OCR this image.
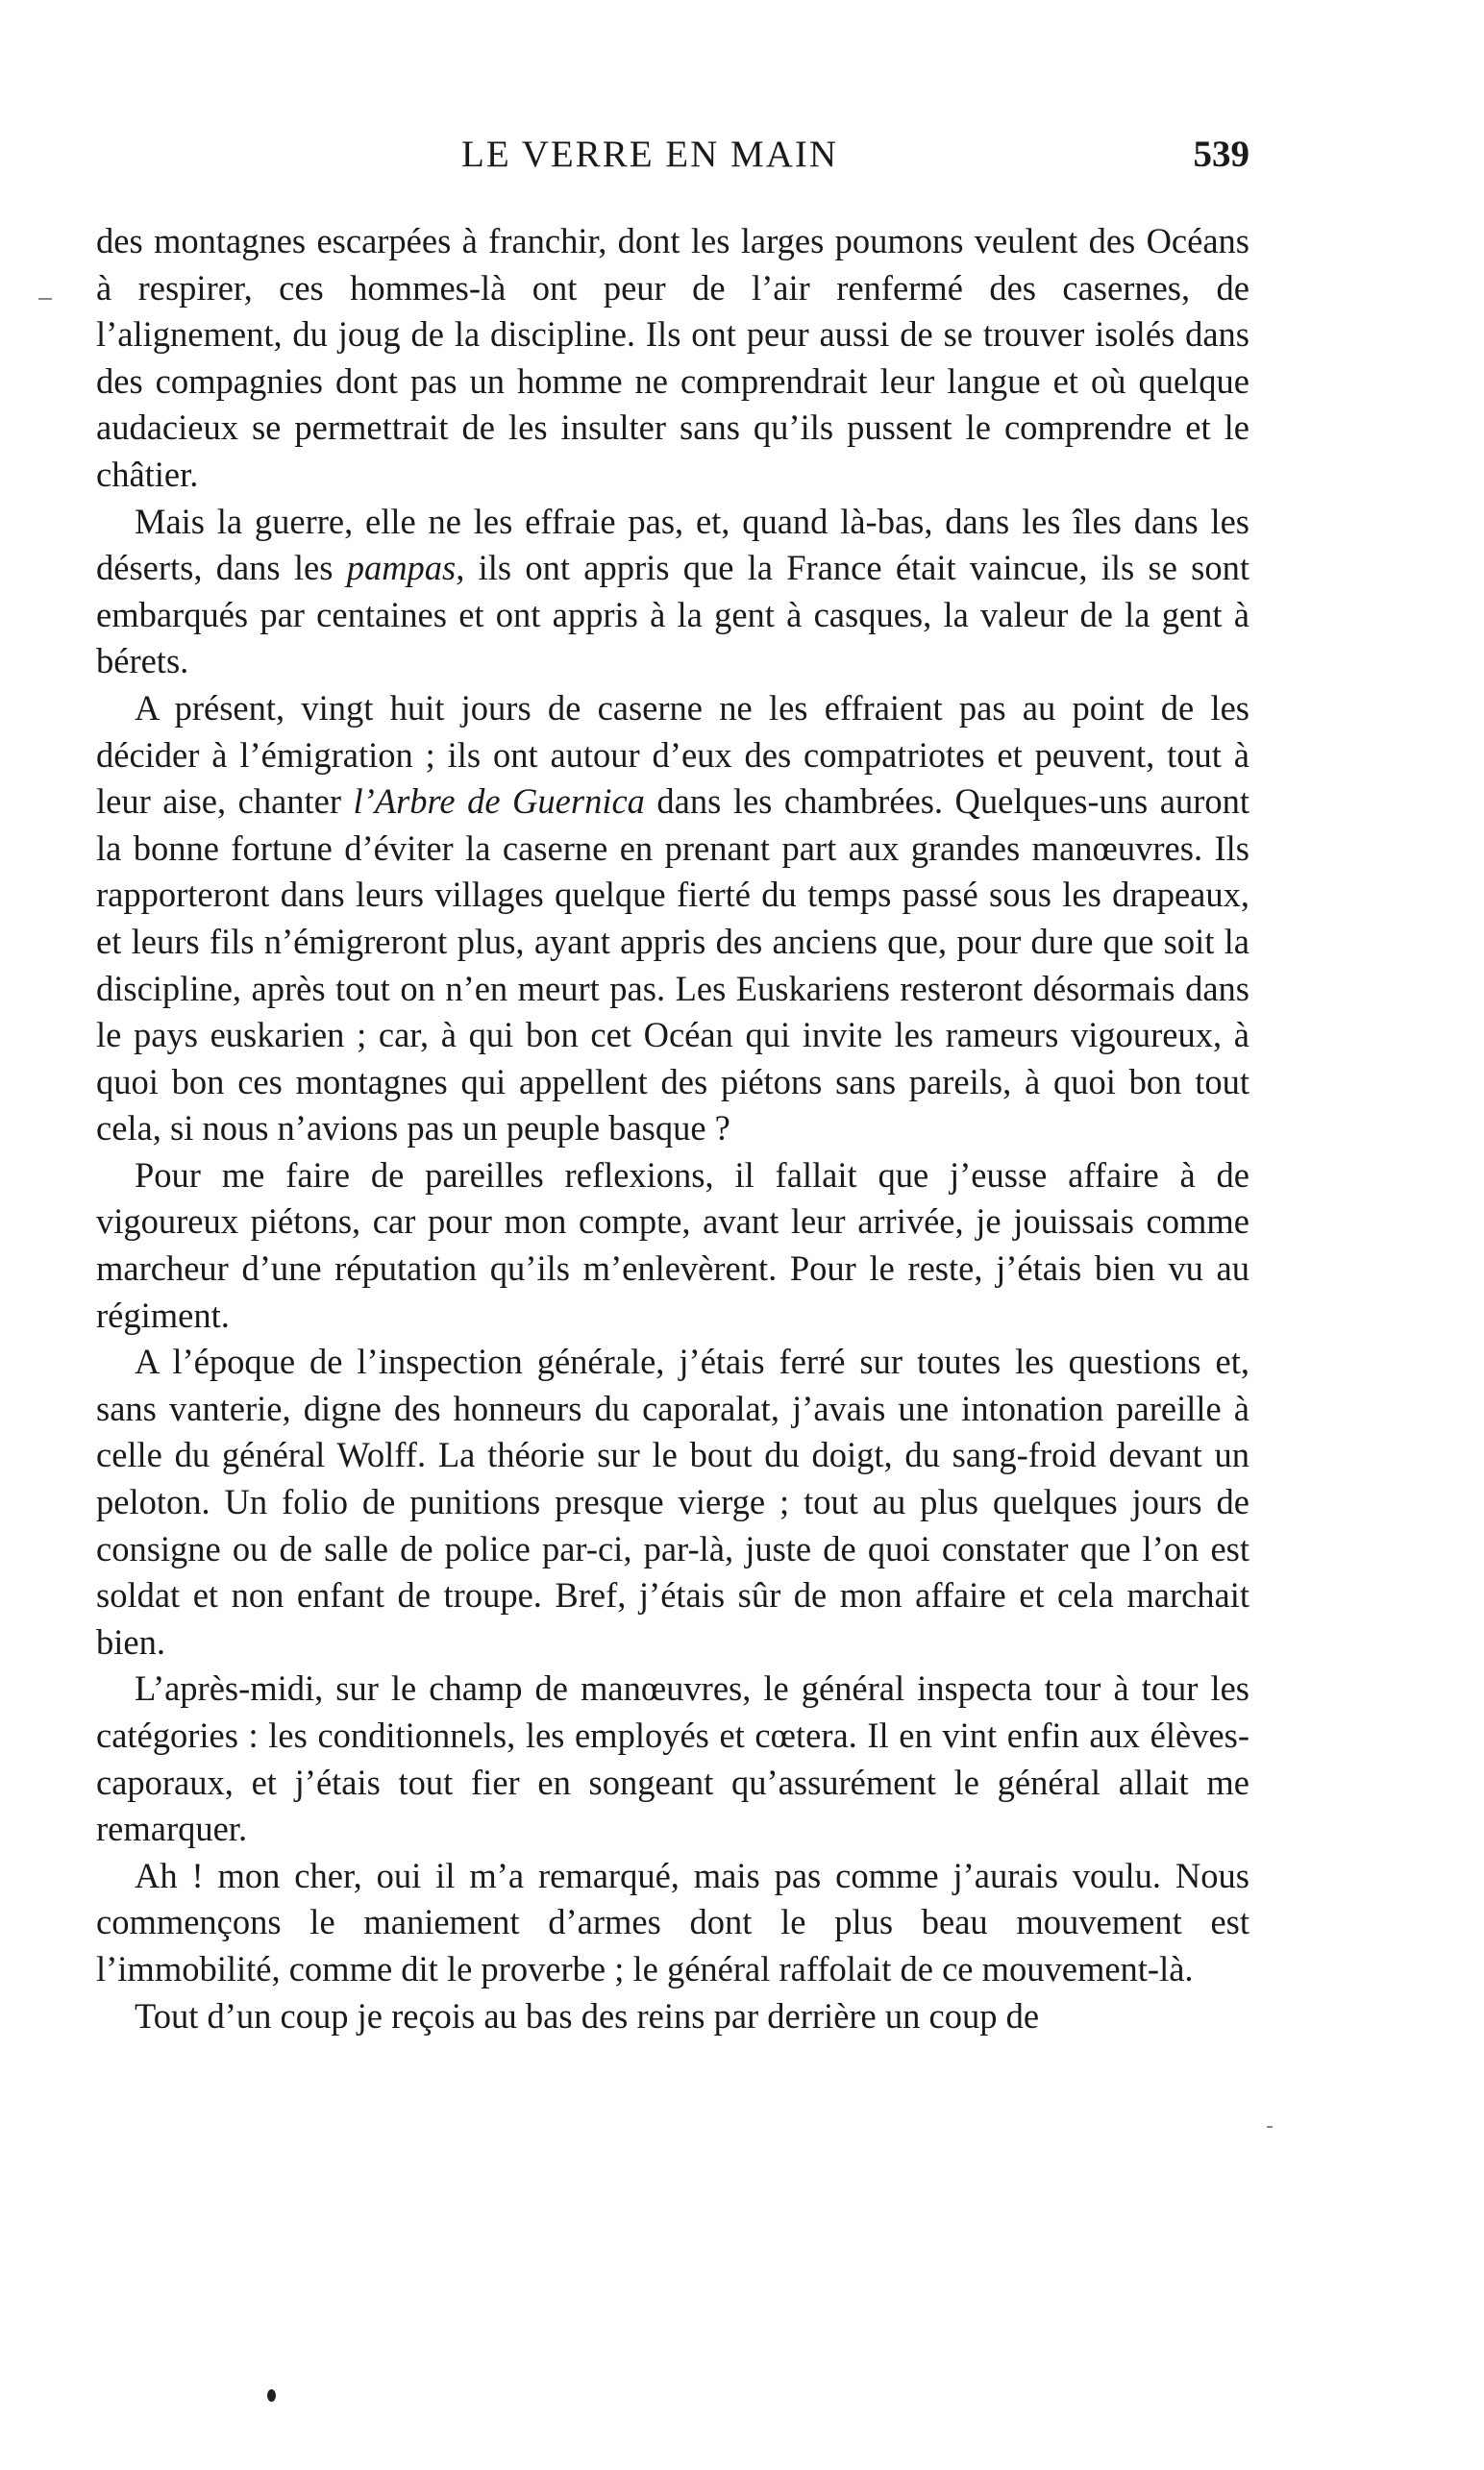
LE VERRE EN MAIN	539

des montagnes escarpées à franchir, dont les larges poumons veulent des Océans à respirer, ces hommes-là ont peur de l’air renfermé des casernes, de l’alignement, du joug de la discipline. Ils ont peur aussi de se trouver isolés dans des compagnies dont pas un homme ne comprendrait leur langue et où quelque audacieux se permettrait de les insulter sans qu’ils pussent le comprendre et le châtier.

Mais la guerre, elle ne les effraie pas, et, quand là-bas, dans les îles dans les déserts, dans les pampas, ils ont appris que la France était vaincue, ils se sont embarqués par centaines et ont appris à la gent à casques, la valeur de la gent à bérets.

A présent, vingt huit jours de caserne ne les effraient pas au point de les décider à l’émigration ; ils ont autour d’eux des compatriotes et peuvent, tout à leur aise, chanter l’Arbre de Guernica dans les chambrées. Quelques-uns auront la bonne fortune d’éviter la caserne en prenant part aux grandes manœuvres. Ils rapporteront dans leurs villages quelque fierté du temps passé sous les drapeaux, et leurs fils n’émigreront plus, ayant appris des anciens que, pour dure que soit la discipline, après tout on n’en meurt pas. Les Euskariens resteront désormais dans le pays euskarien ; car, à qui bon cet Océan qui invite les rameurs vigoureux, à quoi bon ces montagnes qui appellent des piétons sans pareils, à quoi bon tout cela, si nous n’avions pas un peuple basque ?

Pour me faire de pareilles reflexions, il fallait que j’eusse affaire à de vigoureux piétons, car pour mon compte, avant leur arrivée, je jouissais comme marcheur d’une réputation qu’ils m’enlevèrent. Pour le reste, j’étais bien vu au régiment.

A l’époque de l’inspection générale, j’étais ferré sur toutes les questions et, sans vanterie, digne des honneurs du caporalat, j’avais une intonation pareille à celle du général Wolff. La théorie sur le bout du doigt, du sang-froid devant un peloton. Un folio de punitions presque vierge ; tout au plus quelques jours de consigne ou de salle de police par-ci, par-là, juste de quoi constater que l’on est soldat et non enfant de troupe. Bref, j’étais sûr de mon affaire et cela marchait bien.

L’après-midi, sur le champ de manœuvres, le général inspecta tour à tour les catégories : les conditionnels, les employés et cœtera. Il en vint enfin aux élèves-caporaux, et j’étais tout fier en songeant qu’assurément le général allait me remarquer.

Ah ! mon cher, oui il m’a remarqué, mais pas comme j’aurais voulu. Nous commençons le maniement d’armes dont le plus beau mouvement est l’immobilité, comme dit le proverbe ; le général raffolait de ce mouvement-là.

Tout d’un coup je reçois au bas des reins par derrière un coup de
